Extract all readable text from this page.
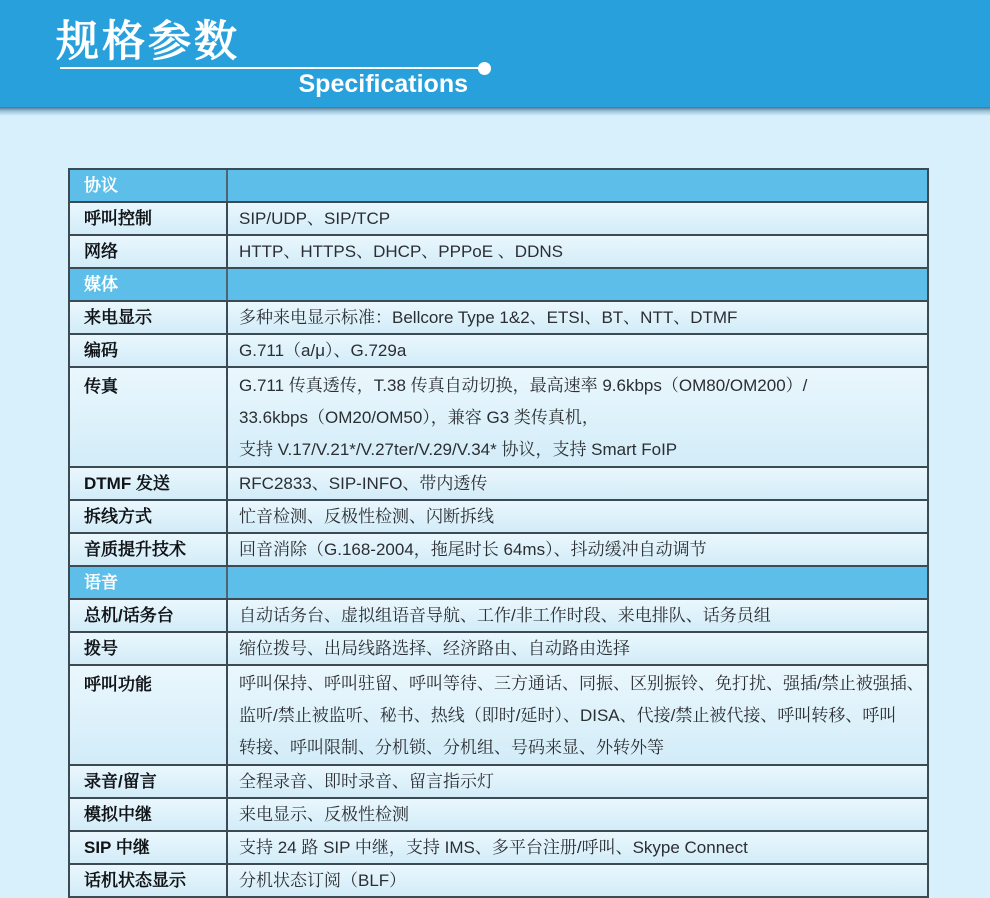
规格参数
Specifications
协议
呼叫控制	SIP/UDP、SIP/TCP
网络	HTTP、HTTPS、DHCP、PPPoE 、DDNS
媒体
来电显示	多种来电显示标准：Bellcore Type 1&2、ETSI、BT、NTT、DTMF
编码	G.711（a/μ）、G.729a
传真	G.711 传真透传，T.38 传真自动切换，最高速率 9.6kbps（OM80/OM200）/
33.6kbps（OM20/OM50），兼容 G3 类传真机，
支持 V.17/V.21*/V.27ter/V.29/V.34* 协议，支持 Smart FoIP
DTMF 发送	RFC2833、SIP-INFO、带内透传
拆线方式	忙音检测、反极性检测、闪断拆线
音质提升技术	回音消除（G.168-2004，拖尾时长 64ms）、抖动缓冲自动调节
语音
总机/话务台	自动话务台、虚拟组语音导航、工作/非工作时段、来电排队、话务员组
拨号	缩位拨号、出局线路选择、经济路由、自动路由选择
呼叫功能	呼叫保持、呼叫驻留、呼叫等待、三方通话、同振、区别振铃、免打扰、强插/禁止被强插、
监听/禁止被监听、秘书、热线（即时/延时）、DISA、代接/禁止被代接、呼叫转移、呼叫
转接、呼叫限制、分机锁、分机组、号码来显、外转外等
录音/留言	全程录音、即时录音、留言指示灯
模拟中继	来电显示、反极性检测
SIP 中继	支持 24 路 SIP 中继，支持 IMS、多平台注册/呼叫、Skype Connect
话机状态显示	分机状态订阅（BLF）
